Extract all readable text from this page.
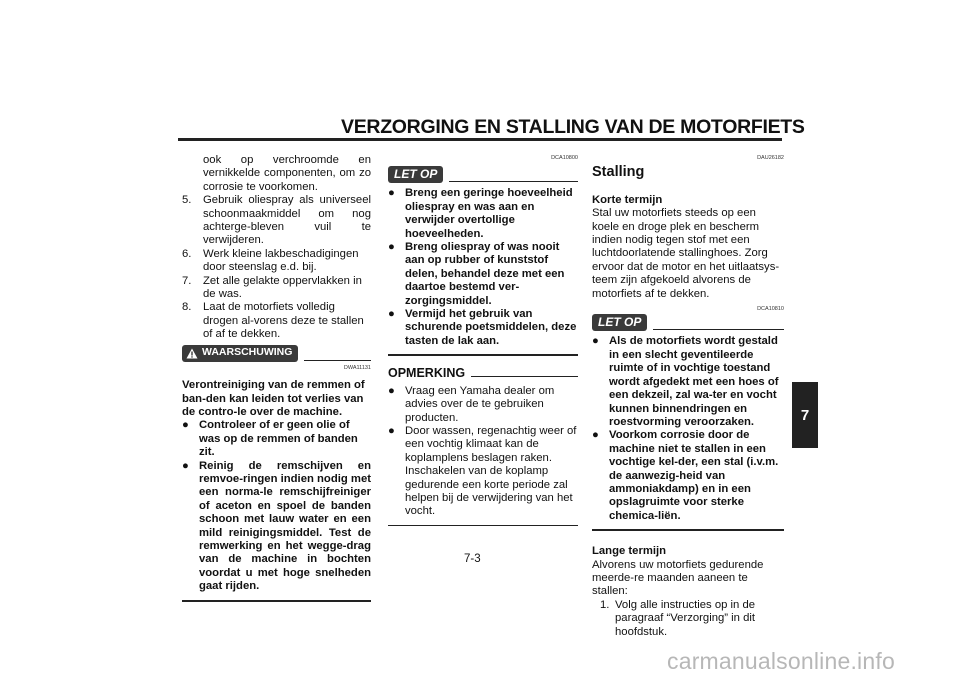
VERZORGING EN STALLING VAN DE MOTORFIETS
7

ook op verchroomde en vernikkelde componenten, om zo corrosie te voorkomen.

5.	Gebruik oliespray als universeel schoonmaakmiddel om nog achterge-bleven vuil te verwijderen.
6.	Werk kleine lakbeschadigingen door steenslag e.d. bij.
7.	Zet alle gelakte oppervlakken in de was.
8.	Laat de motorfiets volledig drogen al-vorens deze te stallen of af te dekken.
WAARSCHUWING
DWA11131

Verontreiniging van de remmen of ban-den kan leiden tot verlies van de contro-le over de machine.

● Controleer of er geen olie of was op de remmen of banden zit.
● Reinig de remschijven en remvoe-ringen indien nodig met een norma-le remschijfreiniger of aceton en spoel de banden schoon met lauw water en een mild reinigingsmiddel. Test de remwerking en het wegge-drag van de machine in bochten voordat u met hoge snelheden gaat rijden.
DCA10800
LET OP
● Breng een geringe hoeveelheid oliespray en was aan en verwijder overtollige hoeveelheden.
● Breng oliespray of was nooit aan op rubber of kunststof delen, behandel deze met een daartoe bestemd ver-zorgingsmiddel.
● Vermijd het gebruik van schurende poetsmiddelen, deze tasten de lak aan.
OPMERKING
● Vraag een Yamaha dealer om advies over de te gebruiken producten.
● Door wassen, regenachtig weer of een vochtig klimaat kan de koplamplens beslagen raken. Inschakelen van de koplamp gedurende een korte periode zal helpen bij de verwijdering van het vocht.
DAU26182
Stalling

Korte termijn

Stal uw motorfiets steeds op een koele en droge plek en bescherm indien nodig tegen stof met een luchtdoorlatende stallinghoes. Zorg ervoor dat de motor en het uitlaatsys-teem zijn afgekoeld alvorens de motorfiets af te dekken.

DCA10810
LET OP
● Als de motorfiets wordt gestald in een slecht geventileerde ruimte of in vochtige toestand wordt afgedekt met een hoes of een dekzeil, zal wa-ter en vocht kunnen binnendringen en roestvorming veroorzaken.
● Voorkom corrosie door de machine niet te stallen in een vochtige kel-der, een stal (i.v.m. de aanwezig-heid van ammoniakdamp) en in een opslagruimte voor sterke chemica-liën.

Lange termijn

Alvorens uw motorfiets gedurende meerde-re maanden aaneen te stallen:

1. Volg alle instructies op in de paragraaf “Verzorging” in dit hoofdstuk.
7-3
carmanualsonline.info
